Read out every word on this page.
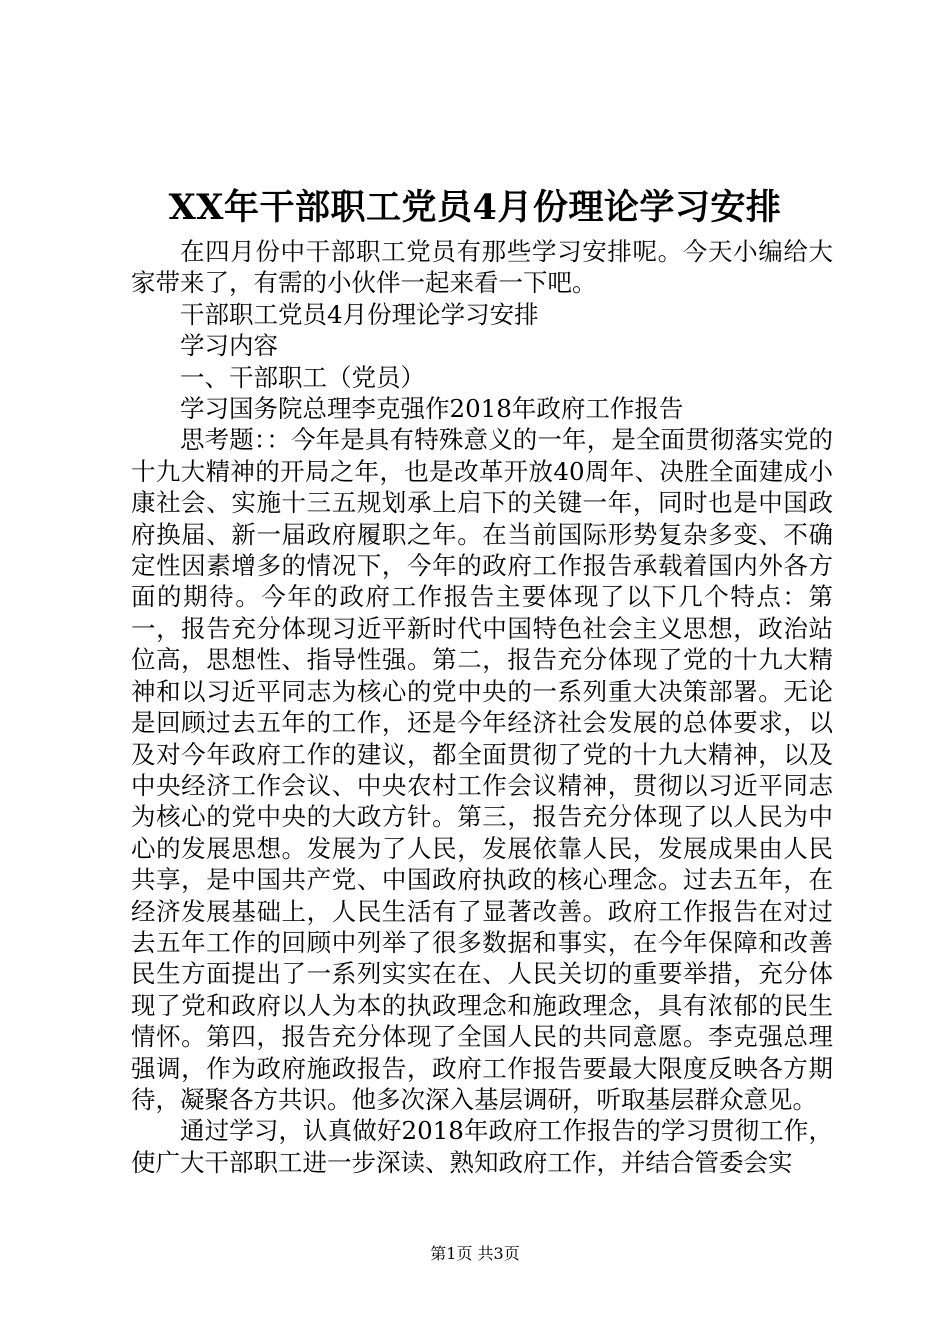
XX年干部职工党员4月份理论学习安排

在四月份中干部职工党员有那些学习安排呢。今天小编给大家带来了，有需的小伙伴一起来看一下吧。

干部职工党员4月份理论学习安排

学习内容

一、干部职工（党员）

学习国务院总理李克强作2018年政府工作报告

思考题：：今年是具有特殊意义的一年，是全面贯彻落实党的十九大精神的开局之年，也是改革开放40周年、决胜全面建成小康社会、实施十三五规划承上启下的关键一年，同时也是中国政府换届、新一届政府履职之年。在当前国际形势复杂多变、不确定性因素增多的情况下，今年的政府工作报告承载着国内外各方面的期待。今年的政府工作报告主要体现了以下几个特点：第一，报告充分体现习近平新时代中国特色社会主义思想，政治站位高，思想性、指导性强。第二，报告充分体现了党的十九大精神和以习近平同志为核心的党中央的一系列重大决策部署。无论是回顾过去五年的工作，还是今年经济社会发展的总体要求，以及对今年政府工作的建议，都全面贯彻了党的十九大精神，以及中央经济工作会议、中央农村工作会议精神，贯彻以习近平同志为核心的党中央的大政方针。第三，报告充分体现了以人民为中心的发展思想。发展为了人民，发展依靠人民，发展成果由人民共享，是中国共产党、中国政府执政的核心理念。过去五年，在经济发展基础上，人民生活有了显著改善。政府工作报告在对过去五年工作的回顾中列举了很多数据和事实，在今年保障和改善民生方面提出了一系列实实在在、人民关切的重要举措，充分体现了党和政府以人为本的执政理念和施政理念，具有浓郁的民生情怀。第四，报告充分体现了全国人民的共同意愿。李克强总理强调，作为政府施政报告，政府工作报告要最大限度反映各方期待，凝聚各方共识。他多次深入基层调研，听取基层群众意见。

通过学习，认真做好2018年政府工作报告的学习贯彻工作，使广大干部职工进一步深读、熟知政府工作，并结合管委会实

第1页 共3页
